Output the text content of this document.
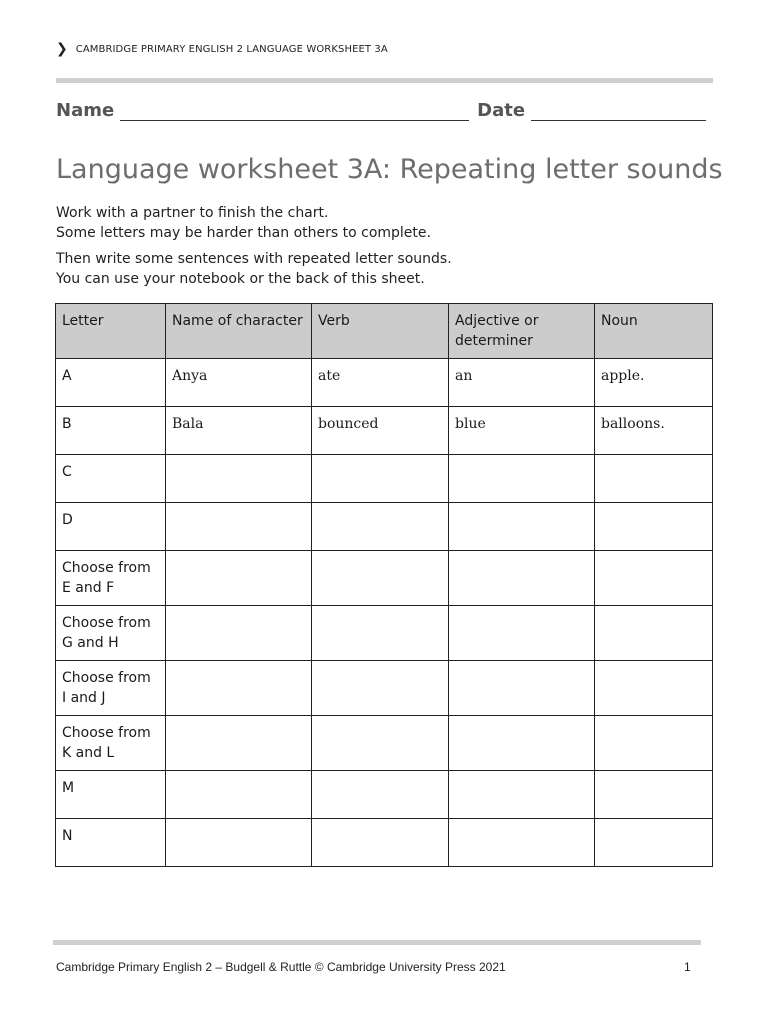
❯ CAMBRIDGE PRIMARY ENGLISH 2 LANGUAGE WORKSHEET 3A
Name	Date
Language worksheet 3A: Repeating letter sounds
Work with a partner to finish the chart.
Some letters may be harder than others to complete.
Then write some sentences with repeated letter sounds.
You can use your notebook or the back of this sheet.
Letter	Name of character	Verb	Adjective or determiner	Noun
A	Anya	ate	an	apple.
B	Bala	bounced	blue	balloons.
C				
D				
Choose from E and F				
Choose from G and H				
Choose from I and J				
Choose from K and L				
M				
N				
Cambridge Primary English 2 – Budgell & Ruttle © Cambridge University Press 2021	1
